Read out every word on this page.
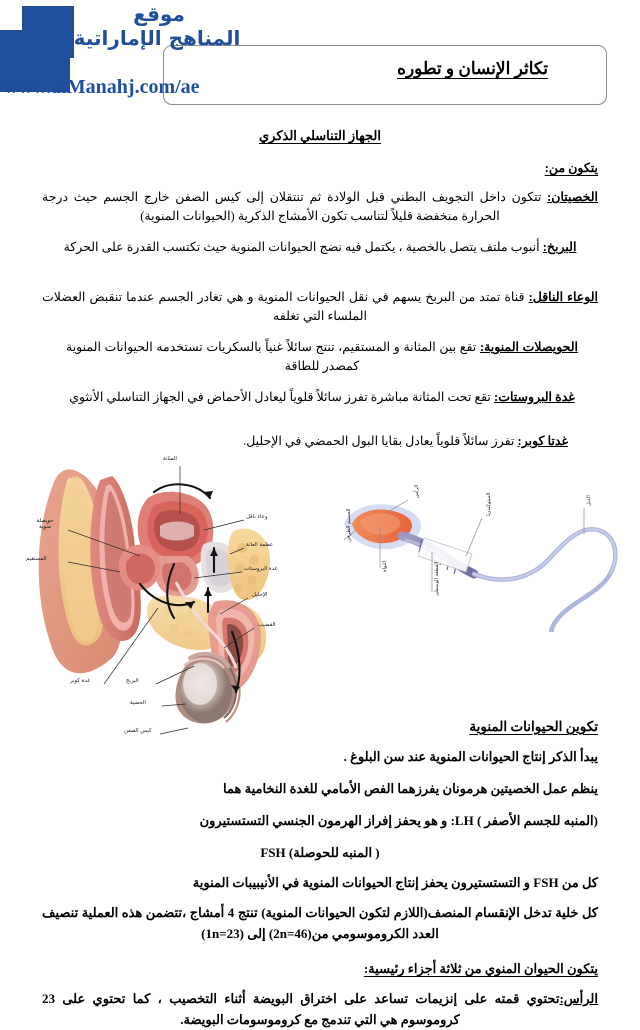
موقع
المناهج الإماراتية
www.alManahj.com/ae
تكاثر الإنسان و تطوره
الجهاز التناسلي الذكري
يتكون من:

الخصيتان: تتكون داخل التجويف البطني قبل الولادة ثم تنتقلان إلى كيس الصفن خارج الجسم حيث درجة الحرارة منخفضة قليلاً لتناسب تكون الأمشاج الذكرية (الحيوانات المنوية)

البربخ: أنبوب ملتف يتصل بالخصية ، يكتمل فيه نضج الحيوانات المنوية حيث تكتسب القدرة على الحركة

الوعاء الناقل: قناة تمتد من البربخ يسهم في نقل الحيوانات المنوية و هي تغادر الجسم عندما تنقبض العضلات الملساء التي تغلفه

الحويصلات المنوية: تقع بين المثانة و المستقيم، تنتج سائلاً غنياً بالسكريات تستخدمه الحيوانات المنوية كمصدر للطاقة

غدة البروستات: تقع تحت المثانة مباشرة تفرز سائلاً قلوياً ليعادل الأحماض في الجهاز التناسلي الأنثوي

غدتا كوبر: تفرز سائلاً قلوياً يعادل بقايا البول الحمضي في الإحليل.

المثانة
وعاء ناقل
عظمة العانة
غدة البروستات
الإحليل
القضيب
حويصلة
منوية
المستقيم
غدة كوبر	البربخ
الخصية
كيس الصفن
الرأس
الجسيم الطرفي
النواة	القطعة الوسطى
الميتوكندريا	الذيل
تكوين الحيوانات المنوية

يبدأ الذكر إنتاج الحيوانات المنوية عند سن البلوغ .

ينظم عمل الخصيتين هرمونان يفرزهما الفص الأمامي للغدة النخامية هما

(المنبه للجسم الأصفر ) LH: و هو يحفز إفراز الهرمون الجنسي التستستيرون

( المنبه للحوصلة) FSH

كل من FSH و التستستيرون يحفز إنتاج الحيوانات المنوية في الأنيبيبات المنوية

كل خلية تدخل الإنقسام المنصف(اللازم لتكون الحيوانات المنوية) تنتج 4 أمشاج ،تتضمن هذه العملية تنصيف العدد الكروموسومي من(2n=46) إلى (1n=23)

يتكون الحيوان المنوي من ثلاثة أجزاء رئيسية:

الرأس:تحتوي قمته على إنزيمات تساعد على اختراق البويضة أثناء التخصيب ، كما تحتوي على 23 كروموسوم هي التي تندمج مع كروموسومات البويضة.
